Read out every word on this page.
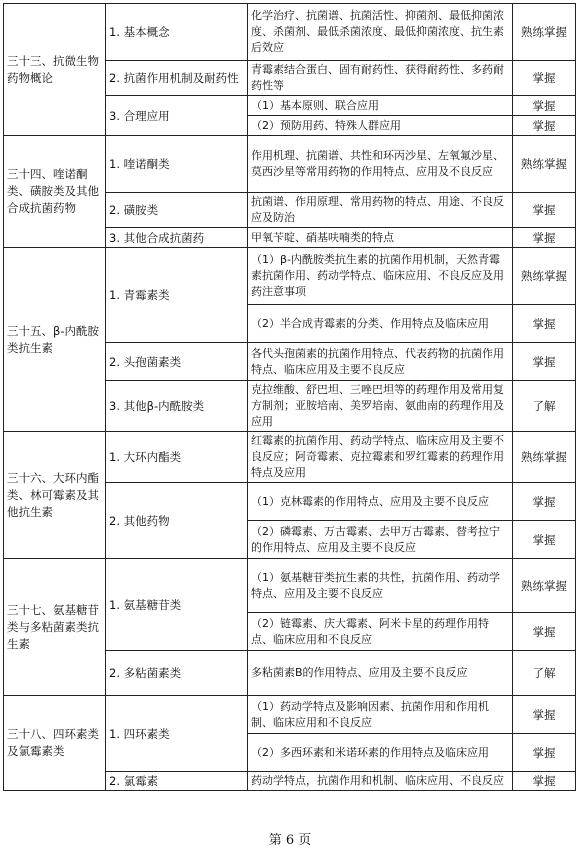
三十三、抗微生物药物概论	1. 基本概念	化学治疗、抗菌谱、抗菌活性、抑菌剂、最低抑菌浓度、杀菌剂、最低杀菌浓度、最低抑菌浓度、抗生素后效应	熟练掌握
	2. 抗菌作用机制及耐药性	青霉素结合蛋白、固有耐药性、获得耐药性、多药耐药性等	掌握
	3. 合理应用	（1）基本原则、联合应用	掌握
		（2）预防用药、特殊人群应用	掌握
三十四、喹诺酮类、磺胺类及其他合成抗菌药物	1. 喹诺酮类	作用机理、抗菌谱、共性和环丙沙星、左氧氟沙星、莫西沙星等常用药物的作用特点、应用及不良反应	熟练掌握
	2. 磺胺类	抗菌谱、作用原理、常用药物的特点、用途、不良反应及防治	掌握
	3. 其他合成抗菌药	甲氧苄啶、硝基呋喃类的特点	掌握
三十五、β-内酰胺类抗生素	1. 青霉素类	（1）β-内酰胺类抗生素的抗菌作用机制，天然青霉素抗菌作用、药动学特点、临床应用、不良反应及用药注意事项	熟练掌握
		（2）半合成青霉素的分类、作用特点及临床应用	掌握
	2. 头孢菌素类	各代头孢菌素的抗菌作用特点、代表药物的抗菌作用特点、临床应用及主要不良反应	掌握
	3. 其他β-内酰胺类	克拉维酸、舒巴坦、三唑巴坦等的药理作用及常用复方制剂；亚胺培南、美罗培南、氨曲南的药理作用及应用	了解
三十六、大环内酯类、林可霉素及其他抗生素	1. 大环内酯类	红霉素的抗菌作用、药动学特点、临床应用及主要不良反应；阿奇霉素、克拉霉素和罗红霉素的药理作用特点及应用	熟练掌握
	2. 其他药物	（1）克林霉素的作用特点、应用及主要不良反应	掌握
		（2）磷霉素、万古霉素、去甲万古霉素、替考拉宁的作用特点、应用及主要不良反应	掌握
三十七、氨基糖苷类与多粘菌素类抗生素	1. 氨基糖苷类	（1）氨基糖苷类抗生素的共性，抗菌作用、药动学特点、应用及主要不良反应	熟练掌握
		（2）链霉素、庆大霉素、阿米卡星的药理作用特点、临床应用和不良反应	掌握
	2. 多粘菌素类	多粘菌素B的作用特点、应用及主要不良反应	了解
三十八、四环素类及氯霉素类	1. 四环素类	（1）药动学特点及影响因素、抗菌作用和作用机制、临床应用和不良反应	掌握
		（2）多西环素和米诺环素的作用特点及临床应用	掌握
	2. 氯霉素	药动学特点，抗菌作用和机制、临床应用、不良反应	掌握
第 6 页
